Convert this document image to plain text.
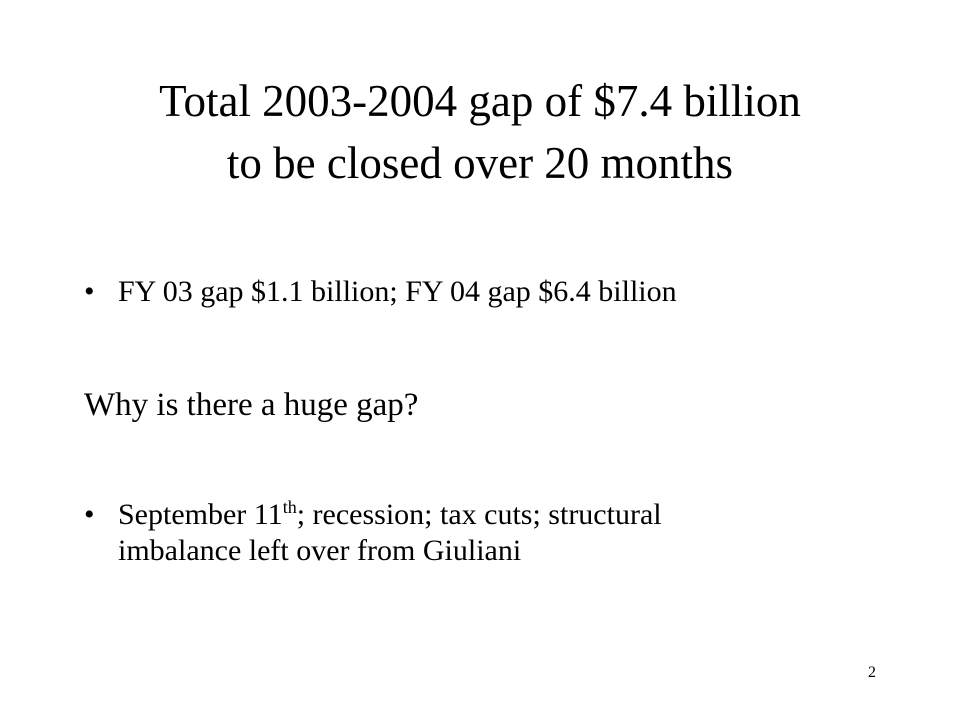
Total 2003-2004 gap of $7.4 billion
to be closed over 20 months
• FY 03 gap $1.1 billion; FY 04 gap $6.4 billion
Why is there a huge gap?
• September 11th; recession; tax cuts; structural
imbalance left over from Giuliani
2
